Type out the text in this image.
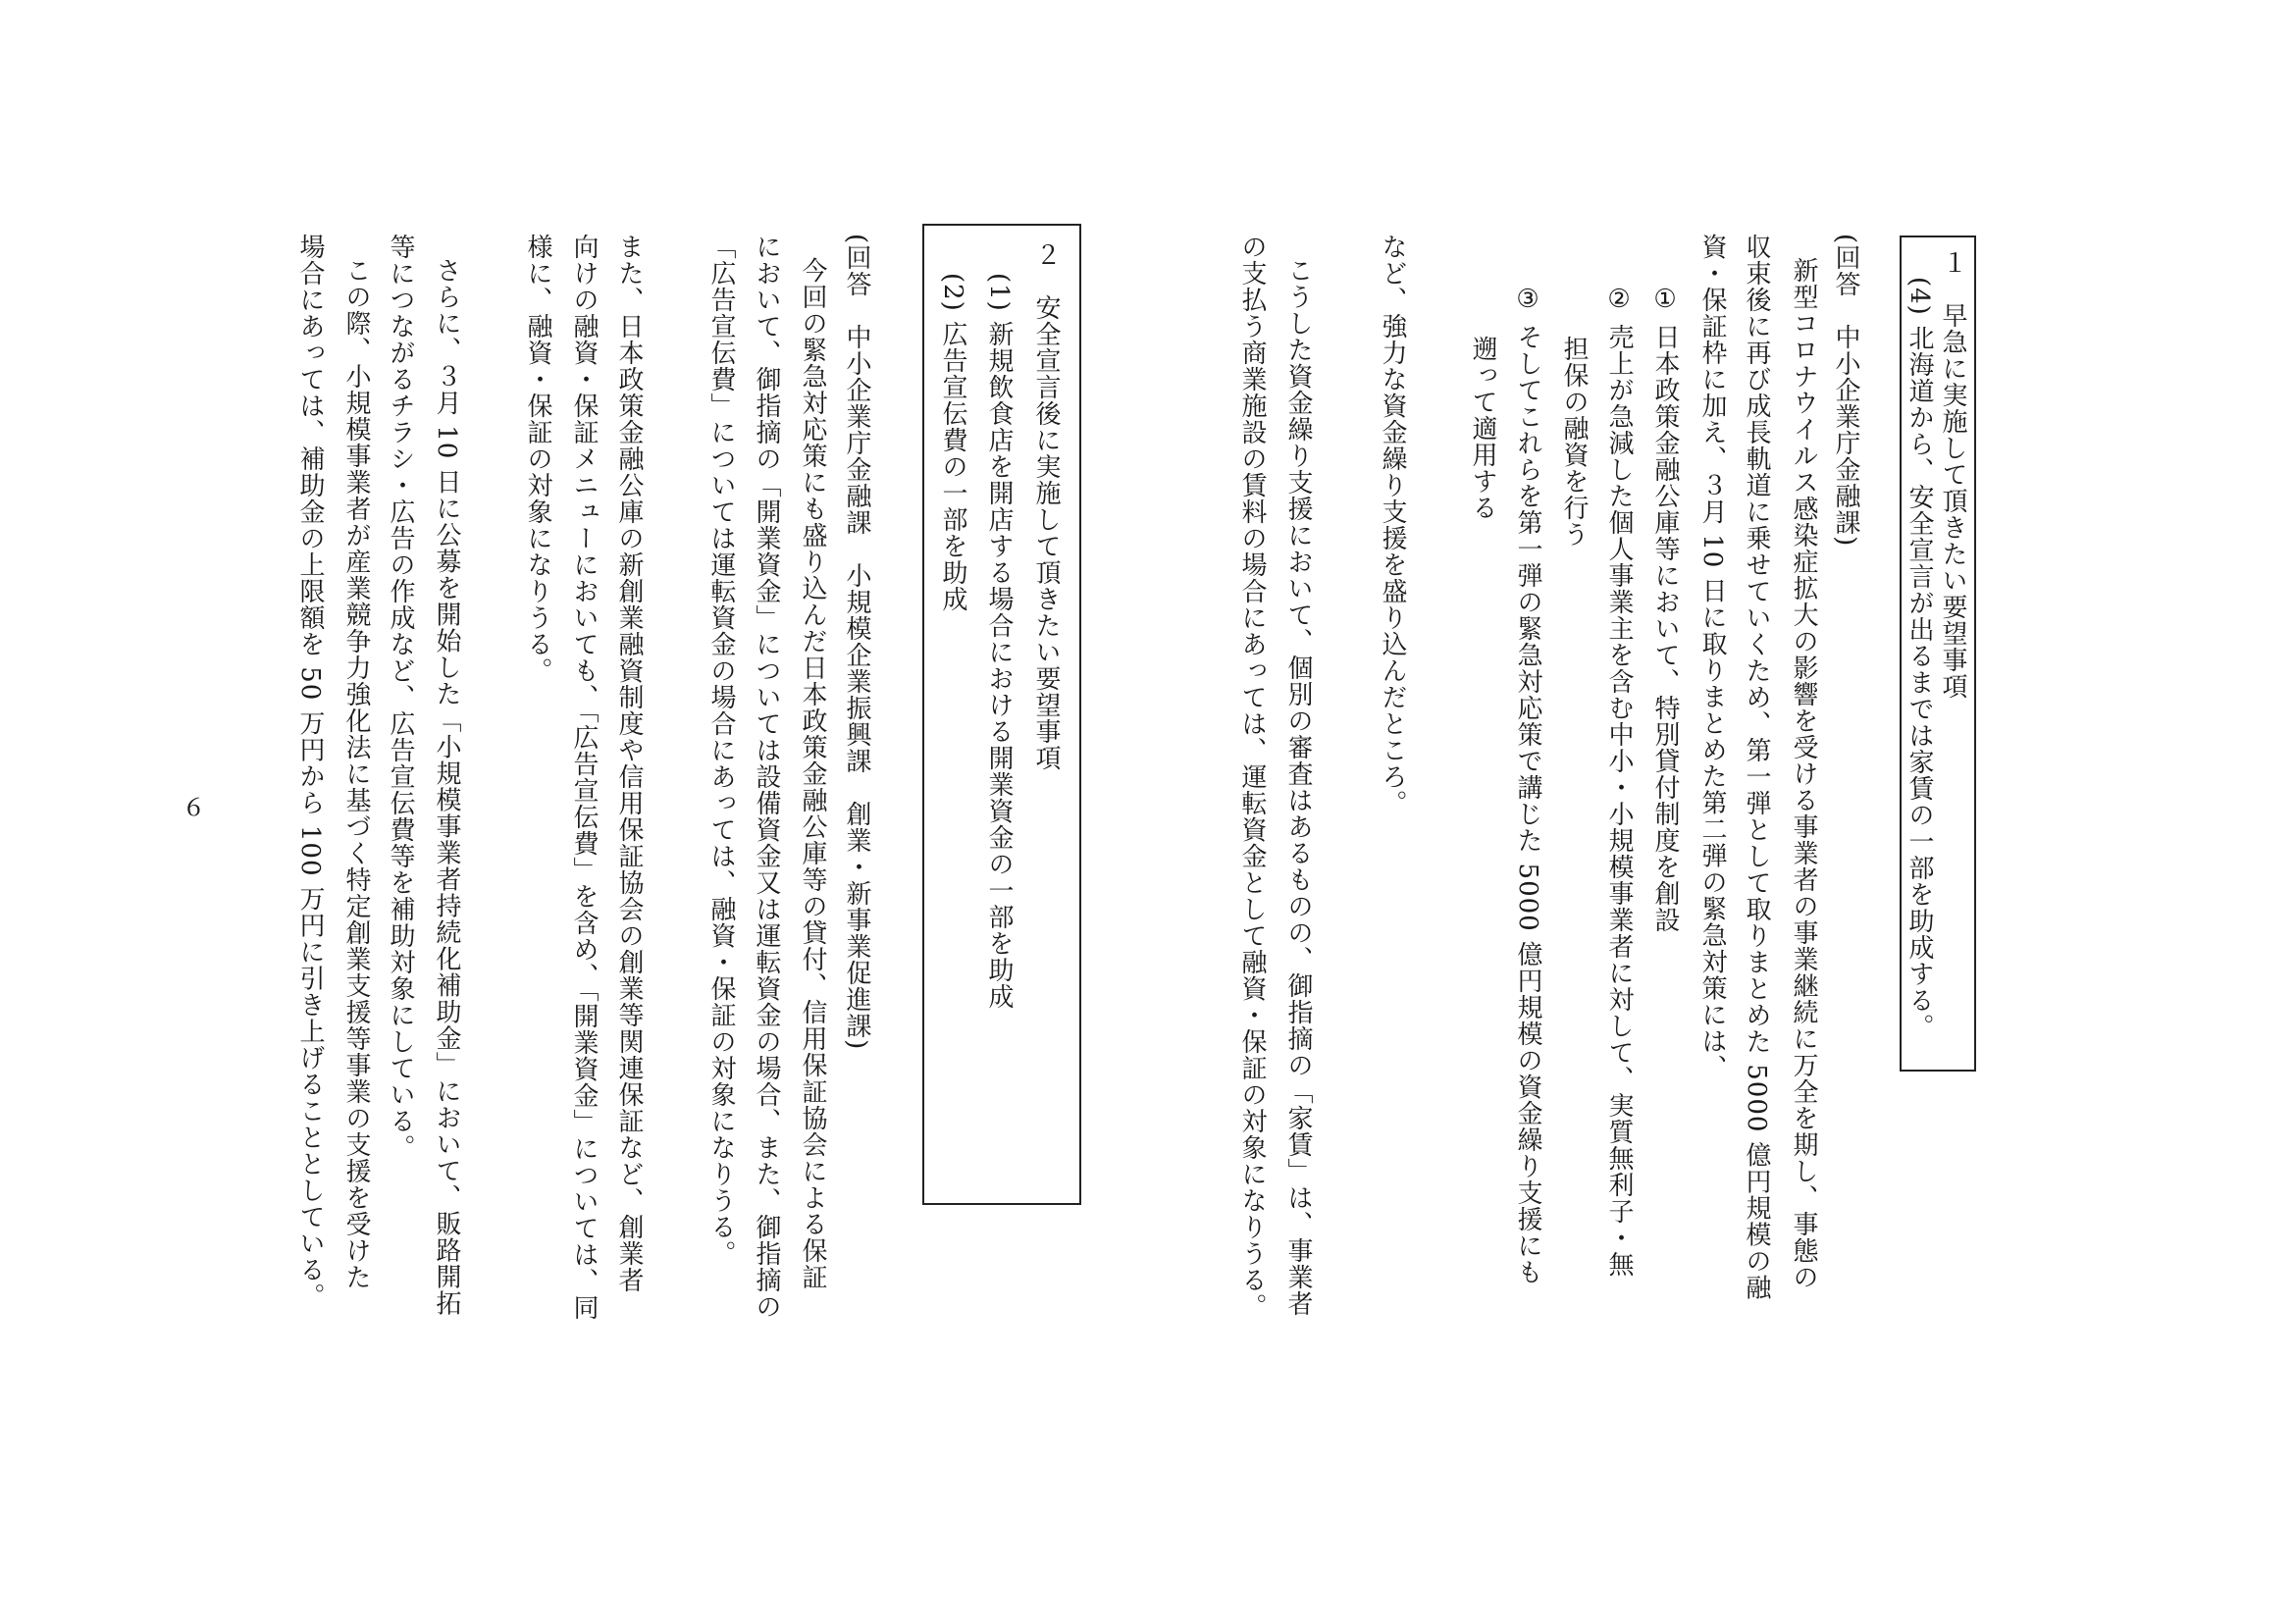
１　早急に実施して頂きたい要望事項
(4) 北海道から、安全宣言が出るまでは家賃の一部を助成する。
(回答　中小企業庁金融課)
新型コロナウイルス感染症拡大の影響を受ける事業者の事業継続に万全を期し、事態の
収束後に再び成長軌道に乗せていくため、第一弾として取りまとめた 5000 億円規模の融
資・保証枠に加え、３月 10 日に取りまとめた第二弾の緊急対策には、
① 日本政策金融公庫等において、特別貸付制度を創設
② 売上が急減した個人事業主を含む中小・小規模事業者に対して、実質無利子・無
担保の融資を行う
③ そしてこれらを第一弾の緊急対応策で講じた 5000 億円規模の資金繰り支援にも
遡って適用する
など、強力な資金繰り支援を盛り込んだところ。
こうした資金繰り支援において、個別の審査はあるものの、御指摘の「家賃」は、事業者
の支払う商業施設の賃料の場合にあっては、運転資金として融資・保証の対象になりうる。
２　安全宣言後に実施して頂きたい要望事項
(1) 新規飲食店を開店する場合における開業資金の一部を助成
(2) 広告宣伝費の一部を助成
(回答　中小企業庁金融課　小規模企業振興課　創業・新事業促進課)
今回の緊急対応策にも盛り込んだ日本政策金融公庫等の貸付、信用保証協会による保証
において、御指摘の「開業資金」については設備資金又は運転資金の場合、また、御指摘の
「広告宣伝費」については運転資金の場合にあっては、融資・保証の対象になりうる。
また、日本政策金融公庫の新創業融資制度や信用保証協会の創業等関連保証など、創業者
向けの融資・保証メニューにおいても、「広告宣伝費」を含め、「開業資金」については、同
様に、融資・保証の対象になりうる。
さらに、３月 10 日に公募を開始した「小規模事業者持続化補助金」において、販路開拓
等につながるチラシ・広告の作成など、広告宣伝費等を補助対象にしている。
この際、小規模事業者が産業競争力強化法に基づく特定創業支援等事業の支援を受けた
場合にあっては、補助金の上限額を 50 万円から 100 万円に引き上げることとしている。
６
